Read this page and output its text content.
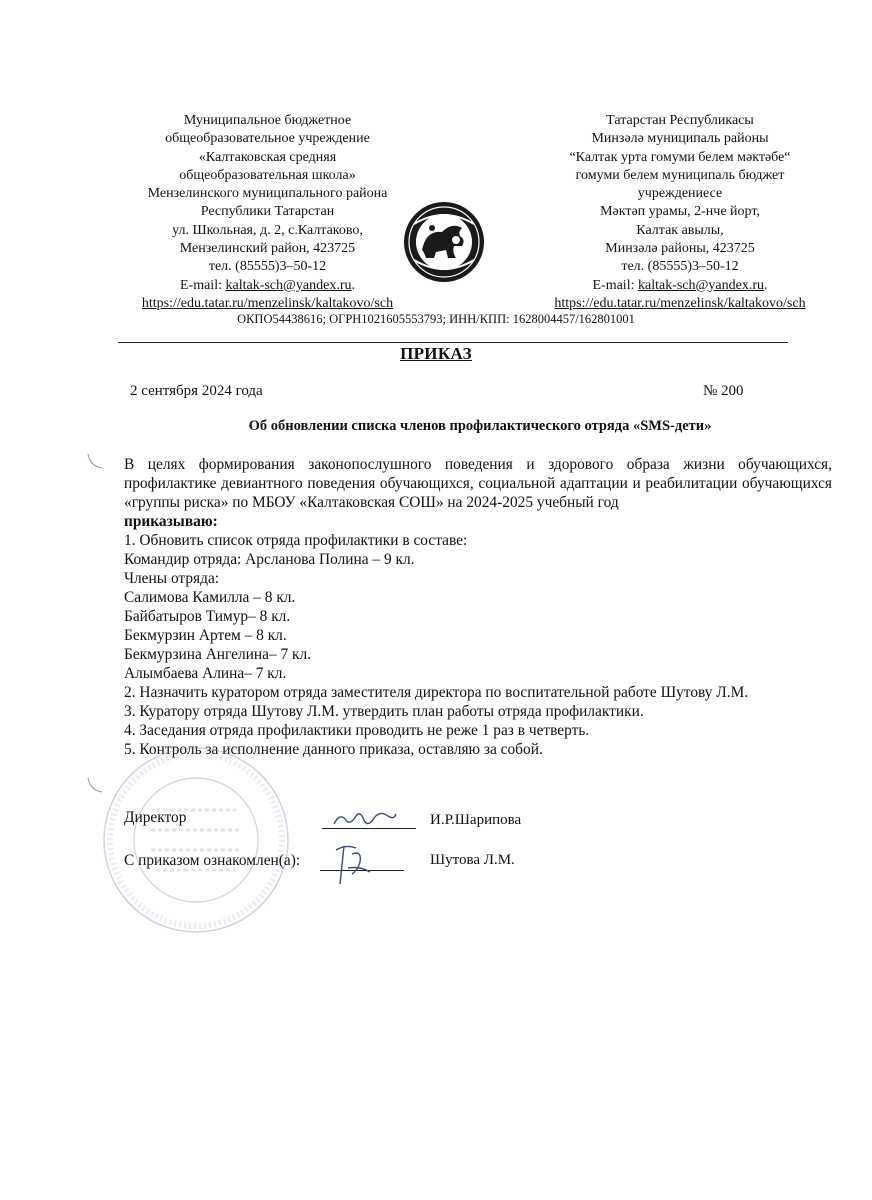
Муниципальное бюджетное
общеобразовательное учреждение
«Калтаковская средняя
общеобразовательная школа»
Мензелинского муниципального района
Республики Татарстан
ул. Школьная, д. 2, с.Калтаково,
Мензелинский район, 423725
тел. (85555)3–50-12
E-mail: kaltak-sch@yandex.ru.
https://edu.tatar.ru/menzelinsk/kaltakovo/sch
Татарстан Республикасы
Минзәлә муниципаль районы
“Калтак урта гомуми белем мәктәбе“
гомуми белем муниципаль бюджет
учреждениесе
Мәктәп урамы, 2-нче йорт,
Калтак авылы,
Минзәлә районы, 423725
тел. (85555)3–50-12
E-mail: kaltak-sch@yandex.ru.
https://edu.tatar.ru/menzelinsk/kaltakovo/sch
ОКПО54438616; ОГРН1021605553793; ИНН/КПП: 1628004457/162801001
ПРИКАЗ
2 сентября 2024 года	№ 200
Об обновлении списка членов профилактического отряда «SMS-дети»

В целях формирования законопослушного поведения и здорового образа жизни обучающихся, профилактике девиантного поведения обучающихся, социальной адаптации и реабилитации обучающихся «группы риска» по МБОУ «Калтаковская СОШ» на 2024-2025 учебный год

приказываю:

1. Обновить список отряда профилактики в составе:

Командир отряда: Арсланова Полина – 9 кл.

Члены отряда:

Салимова Камилла – 8 кл.

Байбатыров Тимур– 8 кл.

Бекмурзин Артем – 8 кл.

Бекмурзина Ангелина– 7 кл.

Алымбаева Алина– 7 кл.

2. Назначить куратором отряда заместителя директора по воспитательной работе Шутову Л.М.

3. Куратору отряда Шутову Л.М. утвердить план работы отряда профилактики.

4. Заседания отряда профилактики проводить не реже 1 раз в четверть.

5. Контроль за исполнение данного приказа, оставляю за собой.

Директор	И.Р.Шарипова
С приказом ознакомлен(а):	Шутова Л.М.
